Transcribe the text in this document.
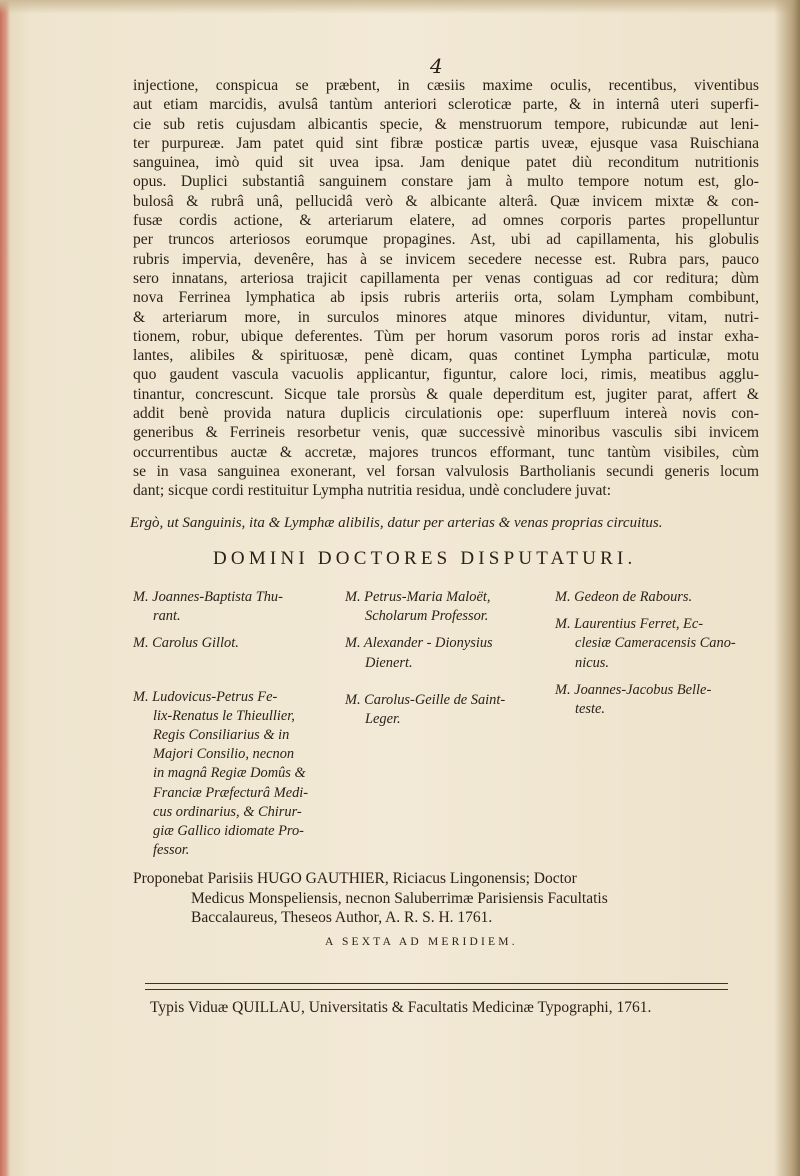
4
injectione, conspicua se præbent, in cæsiis maxime oculis, recentibus, viventibus
aut etiam marcidis, avulsâ tantùm anteriori scleroticæ parte, & in internâ uteri superfi-
cie sub retis cujusdam albicantis specie, & menstruorum tempore, rubicundæ aut leni-
ter purpureæ. Jam patet quid sint fibræ posticæ partis uveæ, ejusque vasa Ruischiana
sanguinea, imò quid sit uvea ipsa. Jam denique patet diù reconditum nutritionis
opus. Duplici substantiâ sanguinem constare jam à multo tempore notum est, glo-
bulosâ & rubrâ unâ, pellucidâ verò & albicante alterâ. Quæ invicem mixtæ & con-
fusæ cordis actione, & arteriarum elatere, ad omnes corporis partes propelluntur
per truncos arteriosos eorumque propagines. Ast, ubi ad capillamenta, his globulis
rubris impervia, devenêre, has à se invicem secedere necesse est. Rubra pars, pauco
sero innatans, arteriosa trajicit capillamenta per venas contiguas ad cor reditura; dùm
nova Ferrinea lymphatica ab ipsis rubris arteriis orta, solam Lympham combibunt,
& arteriarum more, in surculos minores atque minores dividuntur, vitam, nutri-
tionem, robur, ubique deferentes. Tùm per horum vasorum poros roris ad instar exha-
lantes, alibiles & spirituosæ, penè dicam, quas continet Lympha particulæ, motu
quo gaudent vascula vacuolis applicantur, figuntur, calore loci, rimis, meatibus agglu-
tinantur, concrescunt. Sicque tale prorsùs & quale deperditum est, jugiter parat, affert &
addit benè provida natura duplicis circulationis ope: superfluum intereà novis con-
generibus & Ferrineis resorbetur venis, quæ successivè minoribus vasculis sibi invicem
occurrentibus auctæ & accretæ, majores truncos efformant, tunc tantùm visibiles, cùm
se in vasa sanguinea exonerant, vel forsan valvulosis Bartholianis secundi generis locum
dant; sicque cordi restituitur Lympha nutritia residua, undè concludere juvat:
Ergò, ut Sanguinis, ita & Lymphæ alibilis, datur per arterias & venas proprias circuitus.
DOMINI DOCTORES DISPUTATURI.
M. Joannes-Baptista Thu-
rant.
M. Carolus Gillot.
M. Ludovicus-Petrus Fe-
lix-Renatus le Thieullier,
Regis Consiliarius & in
Majori Consilio, necnon
in magnâ Regiæ Domûs &
Franciæ Præfecturâ Medi-
cus ordinarius, & Chirur-
giæ Gallico idiomate Pro-
fessor.
M. Petrus-Maria Maloët,
Scholarum Professor.
M. Alexander - Dionysius
Dienert.
M. Carolus-Geille de Saint-
Leger.
M. Gedeon de Rabours.
M. Laurentius Ferret, Ec-
clesiæ Cameracensis Cano-
nicus.
M. Joannes-Jacobus Belle-
teste.
Proponebat Parisiis HUGO GAUTHIER, Riciacus Lingonensis; Doctor
Medicus Monspeliensis, necnon Saluberrimæ Parisiensis Facultatis
Baccalaureus, Theseos Author, A. R. S. H. 1761.
A SEXTA AD MERIDIEM.
Typis Viduæ QUILLAU, Universitatis & Facultatis Medicinæ Typographi, 1761.
